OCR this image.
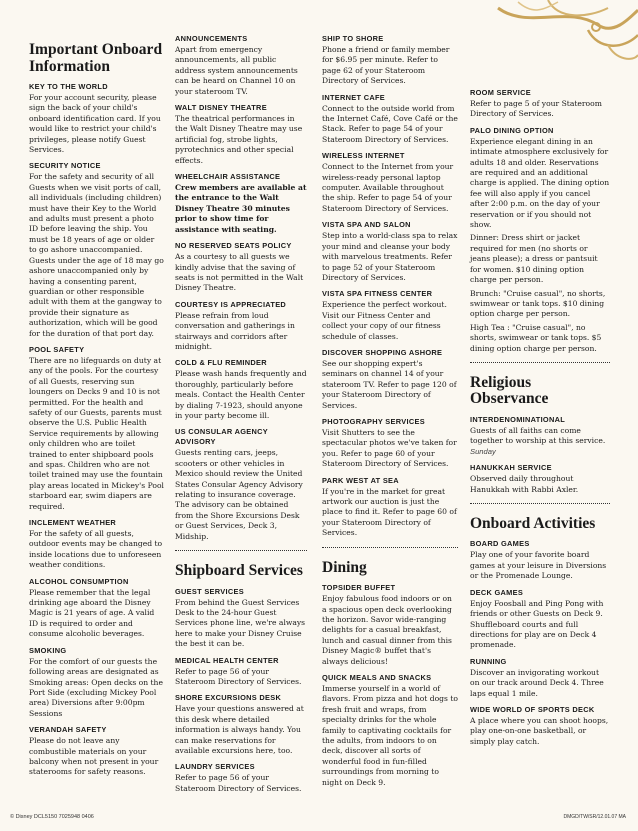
Important Onboard Information
KEY TO THE WORLD

For your account security, please sign the back of your child's onboard identification card. If you would like to restrict your child's privileges, please notify Guest Services.

SECURITY NOTICE

For the safety and security of all Guests when we visit ports of call, all individuals (including children) must have their Key to the World and adults must present a photo ID before leaving the ship. You must be 18 years of age or older to go ashore unaccompanied. Guests under the age of 18 may go ashore unaccompanied only by having a consenting parent, guardian or other responsible adult with them at the gangway to provide their signature as authorization, which will be good for the duration of that port day.

POOL SAFETY

There are no lifeguards on duty at any of the pools. For the courtesy of all Guests, reserving sun loungers on Decks 9 and 10 is not permitted. For the health and safety of our Guests, parents must observe the U.S. Public Health Service requirements by allowing only children who are toilet trained to enter shipboard pools and spas. Children who are not toilet trained may use the fountain play areas located in Mickey's Pool starboard ear, swim diapers are required.

INCLEMENT WEATHER

For the safety of all guests, outdoor events may be changed to inside locations due to unforeseen weather conditions.

ALCOHOL CONSUMPTION

Please remember that the legal drinking age aboard the Disney Magic is 21 years of age. A valid ID is required to order and consume alcoholic beverages.

SMOKING

For the comfort of our guests the following areas are designated as Smoking areas: Open decks on the Port Side (excluding Mickey Pool area) Diversions after 9:00pm Sessions

VERANDAH SAFETY

Please do not leave any combustible materials on your balcony when not present in your staterooms for safety reasons.

ANNOUNCEMENTS

Apart from emergency announcements, all public address system announcements can be heard on Channel 10 on your stateroom TV.

WALT DISNEY THEATRE

The theatrical performances in the Walt Disney Theatre may use artificial fog, strobe lights, pyrotechnics and other special effects.

WHEELCHAIR ASSISTANCE

Crew members are available at the entrance to the Walt Disney Theatre 30 minutes prior to show time for assistance with seating.

NO RESERVED SEATS POLICY

As a courtesy to all guests we kindly advise that the saving of seats is not permitted in the Walt Disney Theatre.

COURTESY IS APPRECIATED

Please refrain from loud conversation and gatherings in stairways and corridors after midnight.

COLD & FLU REMINDER

Please wash hands frequently and thoroughly, particularly before meals. Contact the Health Center by dialing 7-1923, should anyone in your party become ill.

US CONSULAR AGENCY ADVISORY

Guests renting cars, jeeps, scooters or other vehicles in Mexico should review the United States Consular Agency Advisory relating to insurance coverage. The advisory can be obtained from the Shore Excursions Desk or Guest Services, Deck 3, Midship.

Shipboard Services
GUEST SERVICES

From behind the Guest Services Desk to the 24-hour Guest Services phone line, we're always here to make your Disney Cruise the best it can be.

MEDICAL HEALTH CENTER

Refer to page 56 of your Stateroom Directory of Services.

SHORE EXCURSIONS DESK

Have your questions answered at this desk where detailed information is always handy. You can make reservations for available excursions here, too.

LAUNDRY SERVICES

Refer to page 56 of your Stateroom Directory of Services.

SHIP TO SHORE

Phone a friend or family member for $6.95 per minute. Refer to page 62 of your Stateroom Directory of Services.

INTERNET CAFE

Connect to the outside world from the Internet Café, Cove Café or the Stack. Refer to page 54 of your Stateroom Directory of Services.

WIRELESS INTERNET

Connect to the Internet from your wireless-ready personal laptop computer. Available throughout the ship. Refer to page 54 of your Stateroom Directory of Services.

VISTA SPA AND SALON

Step into a world-class spa to relax your mind and cleanse your body with marvelous treatments. Refer to page 52 of your Stateroom Directory of Services.

VISTA SPA FITNESS CENTER

Experience the perfect workout. Visit our Fitness Center and collect your copy of our fitness schedule of classes.

DISCOVER SHOPPING ASHORE

See our shopping expert's seminars on channel 14 of your stateroom TV. Refer to page 120 of your Stateroom Directory of Services.

PHOTOGRAPHY SERVICES

Visit Shutters to see the spectacular photos we've taken for you. Refer to page 60 of your Stateroom Directory of Services.

PARK WEST AT SEA

If you're in the market for great artwork our auction is just the place to find it. Refer to page 60 of your Stateroom Directory of Services.

Dining
TOPSIDER BUFFET

Enjoy fabulous food indoors or on a spacious open deck overlooking the horizon. Savor wide-ranging delights for a casual breakfast, lunch and casual dinner from this Disney Magic® buffet that's always delicious!

QUICK MEALS AND SNACKS

Immerse yourself in a world of flavors. From pizza and hot dogs to fresh fruit and wraps, from specialty drinks for the whole family to captivating cocktails for the adults, from indoors to on deck, discover all sorts of wonderful food in fun-filled surroundings from morning to night on Deck 9.

ROOM SERVICE

Refer to page 5 of your Stateroom Directory of Services.

PALO DINING OPTION

Experience elegant dining in an intimate atmosphere exclusively for adults 18 and older. Reservations are required and an additional charge is applied. The dining option fee will also apply if you cancel after 2:00 p.m. on the day of your reservation or if you should not show.

Dinner: Dress shirt or jacket required for men (no shorts or jeans please); a dress or pantsuit for women. $10 dining option charge per person.

Brunch: "Cruise casual", no shorts, swimwear or tank tops. $10 dining option charge per person.

High Tea : "Cruise casual", no shorts, swimwear or tank tops. $5 dining option charge per person.

Religious Observance
INTERDENOMINATIONAL

Guests of all faiths can come together to worship at this service. Sunday

HANUKKAH SERVICE

Observed daily throughout Hanukkah with Rabbi Axler.

Onboard Activities
BOARD GAMES

Play one of your favorite board games at your leisure in Diversions or the Promenade Lounge.

DECK GAMES

Enjoy Foosball and Ping Pong with friends or other Guests on Deck 9. Shuffleboard courts and full directions for play are on Deck 4 promenade.

RUNNING

Discover an invigorating workout on our track around Deck 4. Three laps equal 1 mile.

WIDE WORLD OF SPORTS DECK

A place where you can shoot hoops, play one-on-one basketball, or simply play catch.

© Disney DCL5150 7025948 0406	DMGD/TW/SR/12.01.07 MA
